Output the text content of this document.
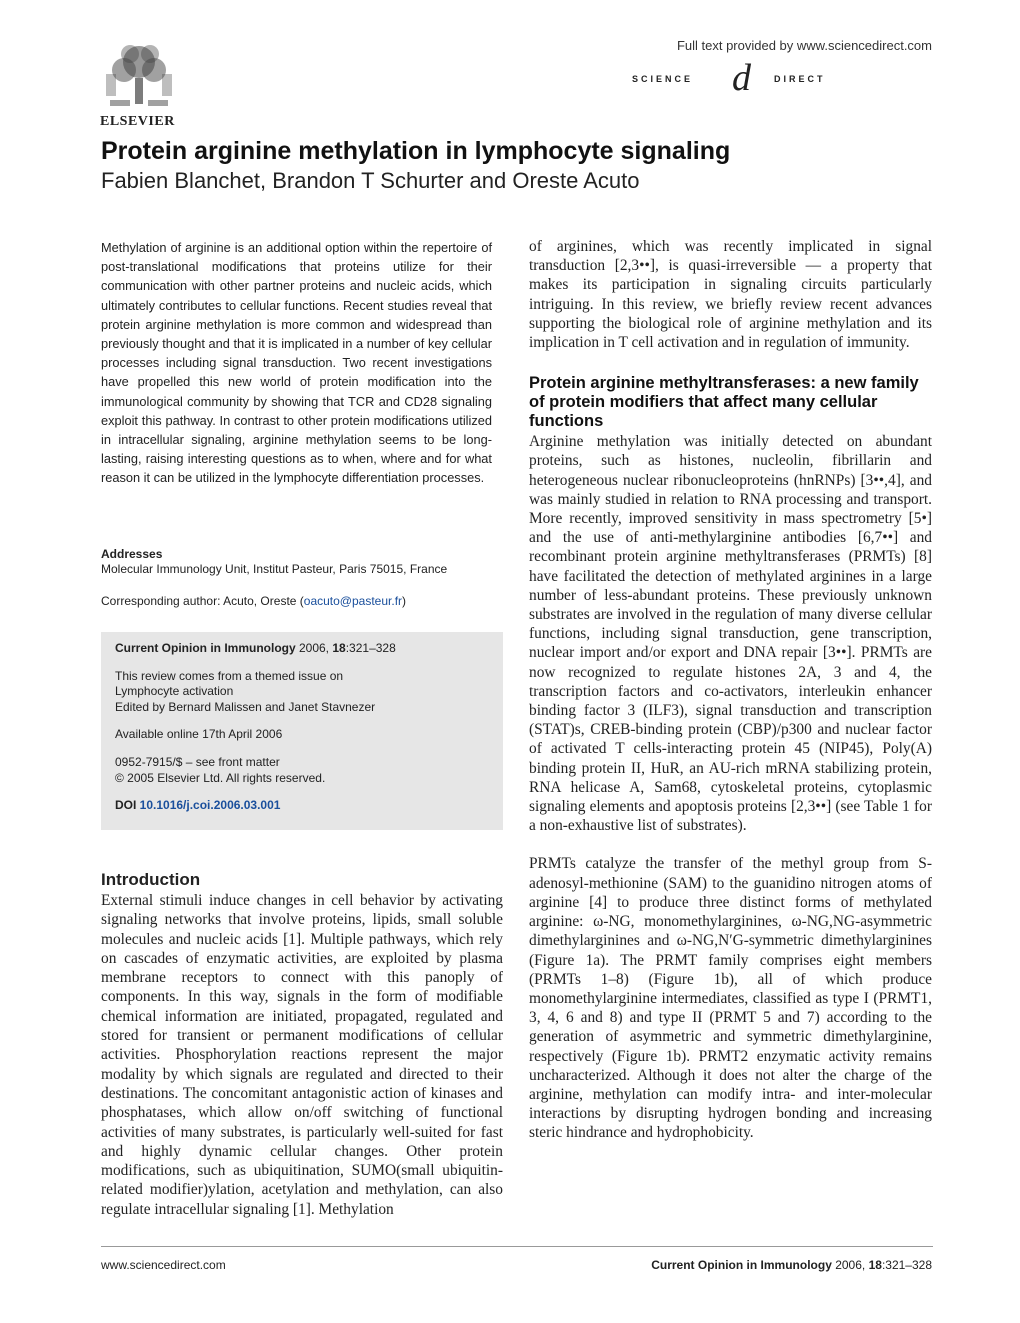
ELSEVIER
Full text provided by www.sciencedirect.com
SCIENCE d	DIRECT
Protein arginine methylation in lymphocyte signaling
Fabien Blanchet, Brandon T Schurter and Oreste Acuto
Methylation of arginine is an additional option within the repertoire of post-translational modifications that proteins utilize for their communication with other partner proteins and nucleic acids, which ultimately contributes to cellular functions. Recent studies reveal that protein arginine methylation is more common and widespread than previously thought and that it is implicated in a number of key cellular processes including signal transduction. Two recent investigations have propelled this new world of protein modification into the immunological community by showing that TCR and CD28 signaling exploit this pathway. In contrast to other protein modifications utilized in intracellular signaling, arginine methylation seems to be long-lasting, raising interesting questions as to when, where and for what reason it can be utilized in the lymphocyte differentiation processes.
Addresses
Molecular Immunology Unit, Institut Pasteur, Paris 75015, France
Corresponding author: Acuto, Oreste (oacuto@pasteur.fr)

Current Opinion in Immunology 2006, 18:321–328

This review comes from a themed issue on

Lymphocyte activation

Edited by Bernard Malissen and Janet Stavnezer

Available online 17th April 2006

0952-7915/$ – see front matter

© 2005 Elsevier Ltd. All rights reserved.

DOI 10.1016/j.coi.2006.03.001

Introduction
External stimuli induce changes in cell behavior by activating signaling networks that involve proteins, lipids, small soluble molecules and nucleic acids [1]. Multiple pathways, which rely on cascades of enzymatic activities, are exploited by plasma membrane receptors to connect with this panoply of components. In this way, signals in the form of modifiable chemical information are initiated, propagated, regulated and stored for transient or permanent modifications of cellular activities. Phosphorylation reactions represent the major modality by which signals are regulated and directed to their destinations. The concomitant antagonistic action of kinases and phosphatases, which allow on/off switching of functional activities of many substrates, is particularly well-suited for fast and highly dynamic cellular changes. Other protein modifications, such as ubiquitination, SUMO(small ubiquitin-related modifier)ylation, acetylation and methylation, can also regulate intracellular signaling [1]. Methylation

of arginines, which was recently implicated in signal transduction [2,3••], is quasi-irreversible — a property that makes its participation in signaling circuits particularly intriguing. In this review, we briefly review recent advances supporting the biological role of arginine methylation and its implication in T cell activation and in regulation of immunity.

Protein arginine methyltransferases: a new family of protein modifiers that affect many cellular functions

Arginine methylation was initially detected on abundant proteins, such as histones, nucleolin, fibrillarin and heterogeneous nuclear ribonucleoproteins (hnRNPs) [3••,4], and was mainly studied in relation to RNA processing and transport. More recently, improved sensitivity in mass spectrometry [5•] and the use of anti-methylarginine antibodies [6,7••] and recombinant protein arginine methyltransferases (PRMTs) [8] have facilitated the detection of methylated arginines in a large number of less-abundant proteins. These previously unknown substrates are involved in the regulation of many diverse cellular functions, including signal transduction, gene transcription, nuclear import and/or export and DNA repair [3••]. PRMTs are now recognized to regulate histones 2A, 3 and 4, the transcription factors and co-activators, interleukin enhancer binding factor 3 (ILF3), signal transduction and transcription (STAT)s, CREB-binding protein (CBP)/p300 and nuclear factor of activated T cells-interacting protein 45 (NIP45), Poly(A) binding protein II, HuR, an AU-rich mRNA stabilizing protein, RNA helicase A, Sam68, cytoskeletal proteins, cytoplasmic signaling elements and apoptosis proteins [2,3••] (see Table 1 for a non-exhaustive list of substrates).

PRMTs catalyze the transfer of the methyl group from S-adenosyl-methionine (SAM) to the guanidino nitrogen atoms of arginine [4] to produce three distinct forms of methylated arginine: ω-NG, monomethylarginines, ω-NG,NG-asymmetric dimethylarginines and ω-NG,N′G-symmetric dimethylarginines (Figure 1a). The PRMT family comprises eight members (PRMTs 1–8) (Figure 1b), all of which produce monomethylarginine intermediates, classified as type I (PRMT1, 3, 4, 6 and 8) and type II (PRMT 5 and 7) according to the generation of asymmetric and symmetric dimethylarginine, respectively (Figure 1b). PRMT2 enzymatic activity remains uncharacterized. Although it does not alter the charge of the arginine, methylation can modify intra- and inter-molecular interactions by disrupting hydrogen bonding and increasing steric hindrance and hydrophobicity.

www.sciencedirect.com	Current Opinion in Immunology 2006, 18:321–328
